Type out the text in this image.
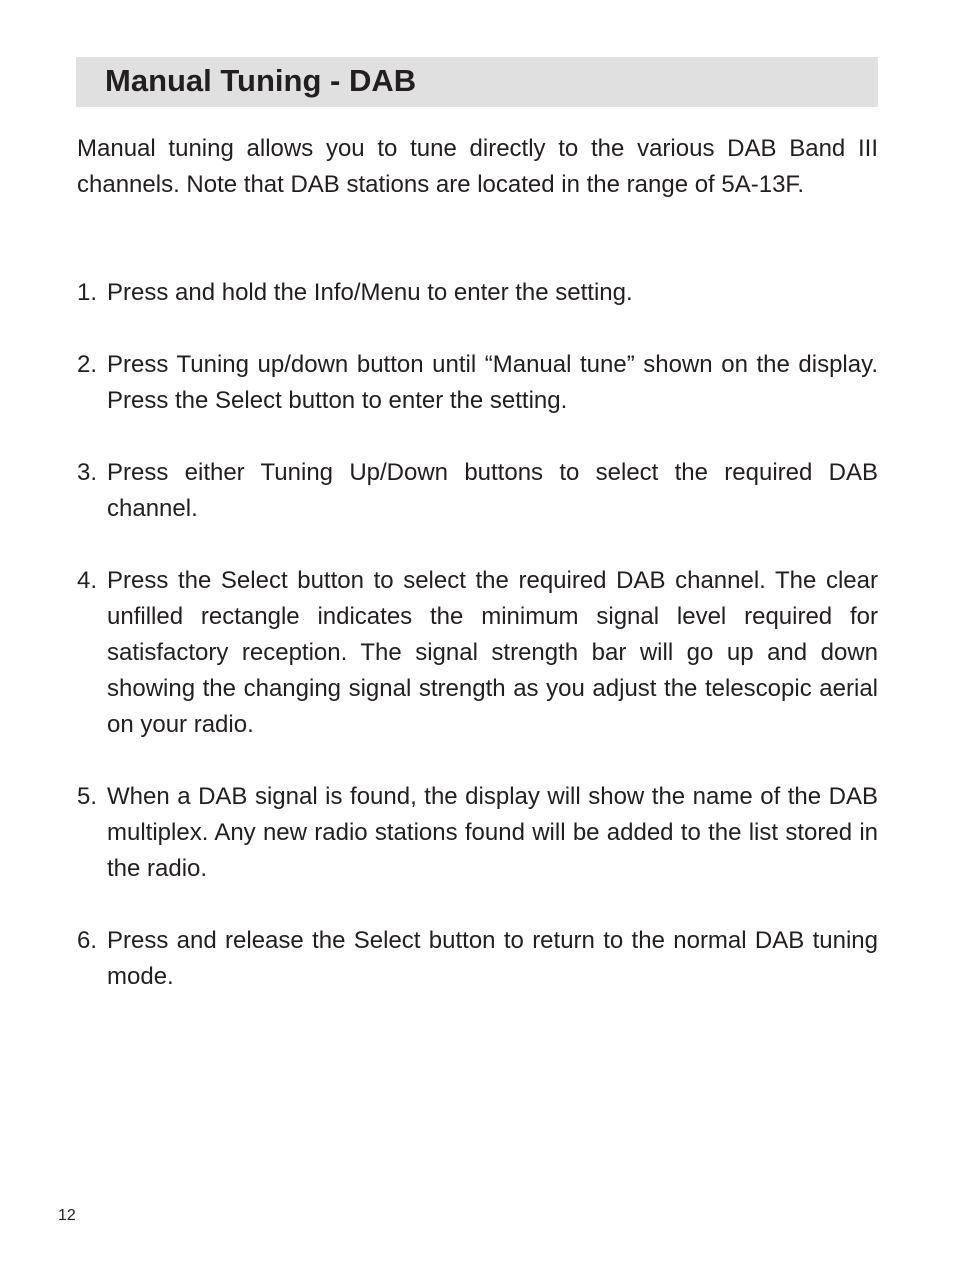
Manual Tuning - DAB

Manual tuning allows you to tune directly to the various DAB Band III channels. Note that DAB stations are located in the range of 5A-13F.

1. Press and hold the Info/Menu to enter the setting.
2. Press Tuning up/down button until “Manual tune” shown on the display. Press the Select button to enter the setting.
3. Press either Tuning Up/Down buttons to select the required DAB channel.
4. Press the Select button to select the required DAB channel. The clear unfilled rectangle indicates the minimum signal level required for satisfactory reception. The signal strength bar will go up and down showing the changing signal strength as you adjust the telescopic aerial on your radio.
5. When a DAB signal is found, the display will show the name of the DAB multiplex. Any new radio stations found will be added to the list stored in the radio.
6. Press and release the Select button to return to the normal DAB tuning mode.
12
